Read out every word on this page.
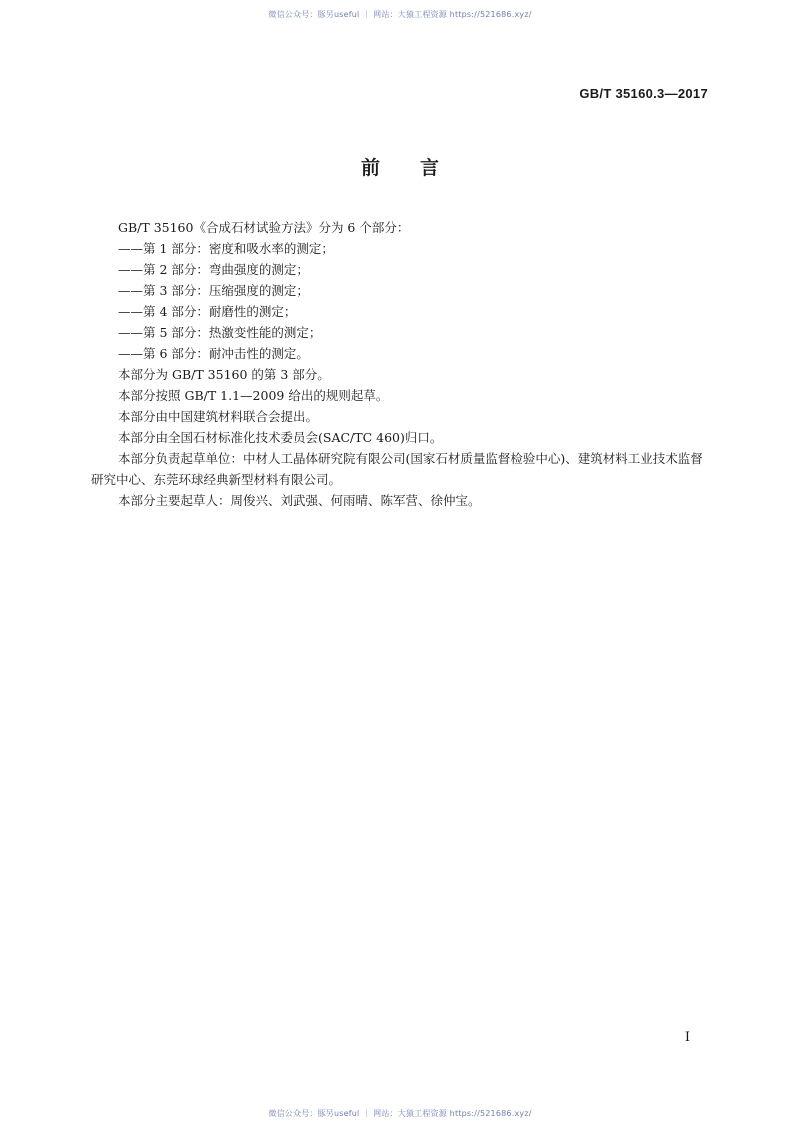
微信公众号：豚另useful ｜ 网站：大猿工程资源 https://521686.xyz/
GB/T 35160.3—2017
前言

GB/T 35160《合成石材试验方法》分为 6 个部分：

——第 1 部分：密度和吸水率的测定；

——第 2 部分：弯曲强度的测定；

——第 3 部分：压缩强度的测定；

——第 4 部分：耐磨性的测定；

——第 5 部分：热激变性能的测定；

——第 6 部分：耐冲击性的测定。

本部分为 GB/T 35160 的第 3 部分。

本部分按照 GB/T 1.1—2009 给出的规则起草。

本部分由中国建筑材料联合会提出。

本部分由全国石材标准化技术委员会(SAC/TC 460)归口。

本部分负责起草单位：中材人工晶体研究院有限公司(国家石材质量监督检验中心)、建筑材料工业技术监督研究中心、东莞环球经典新型材料有限公司。

本部分主要起草人：周俊兴、刘武强、何雨晴、陈军营、徐仲宝。

I
微信公众号：豚另useful ｜ 网站：大猿工程资源 https://521686.xyz/
